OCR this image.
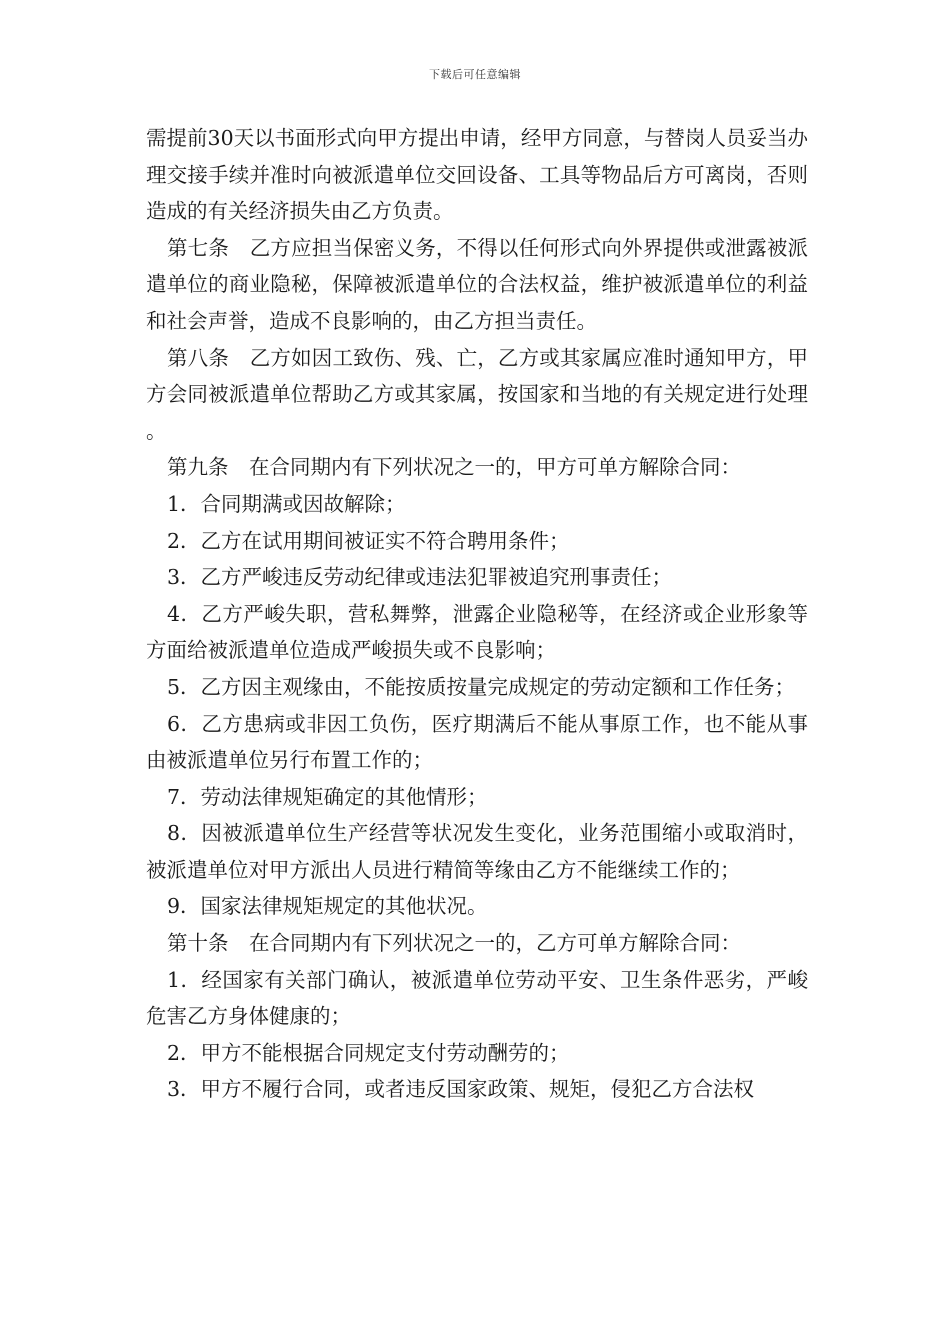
下载后可任意编辑

需提前30天以书面形式向甲方提出申请，经甲方同意，与替岗人员妥当办理交接手续并准时向被派遣单位交回设备、工具等物品后方可离岗，否则造成的有关经济损失由乙方负责。

第七条　乙方应担当保密义务，不得以任何形式向外界提供或泄露被派遣单位的商业隐秘，保障被派遣单位的合法权益，维护被派遣单位的利益和社会声誉，造成不良影响的，由乙方担当责任。

第八条　乙方如因工致伤、残、亡，乙方或其家属应准时通知甲方，甲方会同被派遣单位帮助乙方或其家属，按国家和当地的有关规定进行处理。

第九条　在合同期内有下列状况之一的，甲方可单方解除合同：

1．合同期满或因故解除；

2．乙方在试用期间被证实不符合聘用条件；

3．乙方严峻违反劳动纪律或违法犯罪被追究刑事责任；

4．乙方严峻失职，营私舞弊，泄露企业隐秘等，在经济或企业形象等方面给被派遣单位造成严峻损失或不良影响；

5．乙方因主观缘由，不能按质按量完成规定的劳动定额和工作任务；

6．乙方患病或非因工负伤，医疗期满后不能从事原工作，也不能从事由被派遣单位另行布置工作的；

7．劳动法律规矩确定的其他情形；

8．因被派遣单位生产经营等状况发生变化，业务范围缩小或取消时，被派遣单位对甲方派出人员进行精简等缘由乙方不能继续工作的；

9．国家法律规矩规定的其他状况。

第十条　在合同期内有下列状况之一的，乙方可单方解除合同：

1．经国家有关部门确认，被派遣单位劳动平安、卫生条件恶劣，严峻危害乙方身体健康的；

2．甲方不能根据合同规定支付劳动酬劳的；

3．甲方不履行合同，或者违反国家政策、规矩，侵犯乙方合法权
